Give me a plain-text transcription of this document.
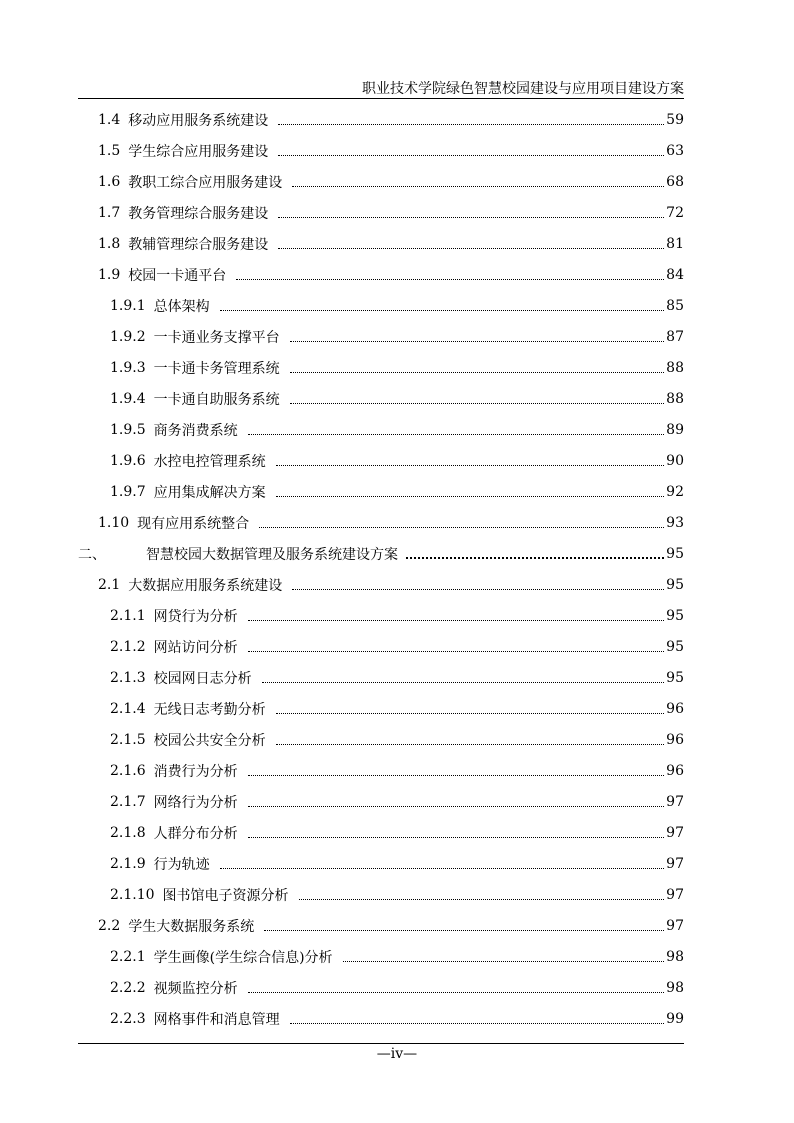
职业技术学院绿色智慧校园建设与应用项目建设方案
1.4 移动应用服务系统建设	59
1.5 学生综合应用服务建设	63
1.6 教职工综合应用服务建设	68
1.7 教务管理综合服务建设	72
1.8 教辅管理综合服务建设	81
1.9 校园一卡通平台	84
1.9.1 总体架构	85
1.9.2 一卡通业务支撑平台	87
1.9.3 一卡通卡务管理系统	88
1.9.4 一卡通自助服务系统	88
1.9.5 商务消费系统	89
1.9.6 水控电控管理系统	90
1.9.7 应用集成解决方案	92
1.10 现有应用系统整合	93
二、	智慧校园大数据管理及服务系统建设方案	95
2.1 大数据应用服务系统建设	95
2.1.1 网贷行为分析	95
2.1.2 网站访问分析	95
2.1.3 校园网日志分析	95
2.1.4 无线日志考勤分析	96
2.1.5 校园公共安全分析	96
2.1.6 消费行为分析	96
2.1.7 网络行为分析	97
2.1.8 人群分布分析	97
2.1.9 行为轨迹	97
2.1.10 图书馆电子资源分析	97
2.2 学生大数据服务系统	97
2.2.1 学生画像(学生综合信息)分析	98
2.2.2 视频监控分析	98
2.2.3 网格事件和消息管理	99
—iv—
